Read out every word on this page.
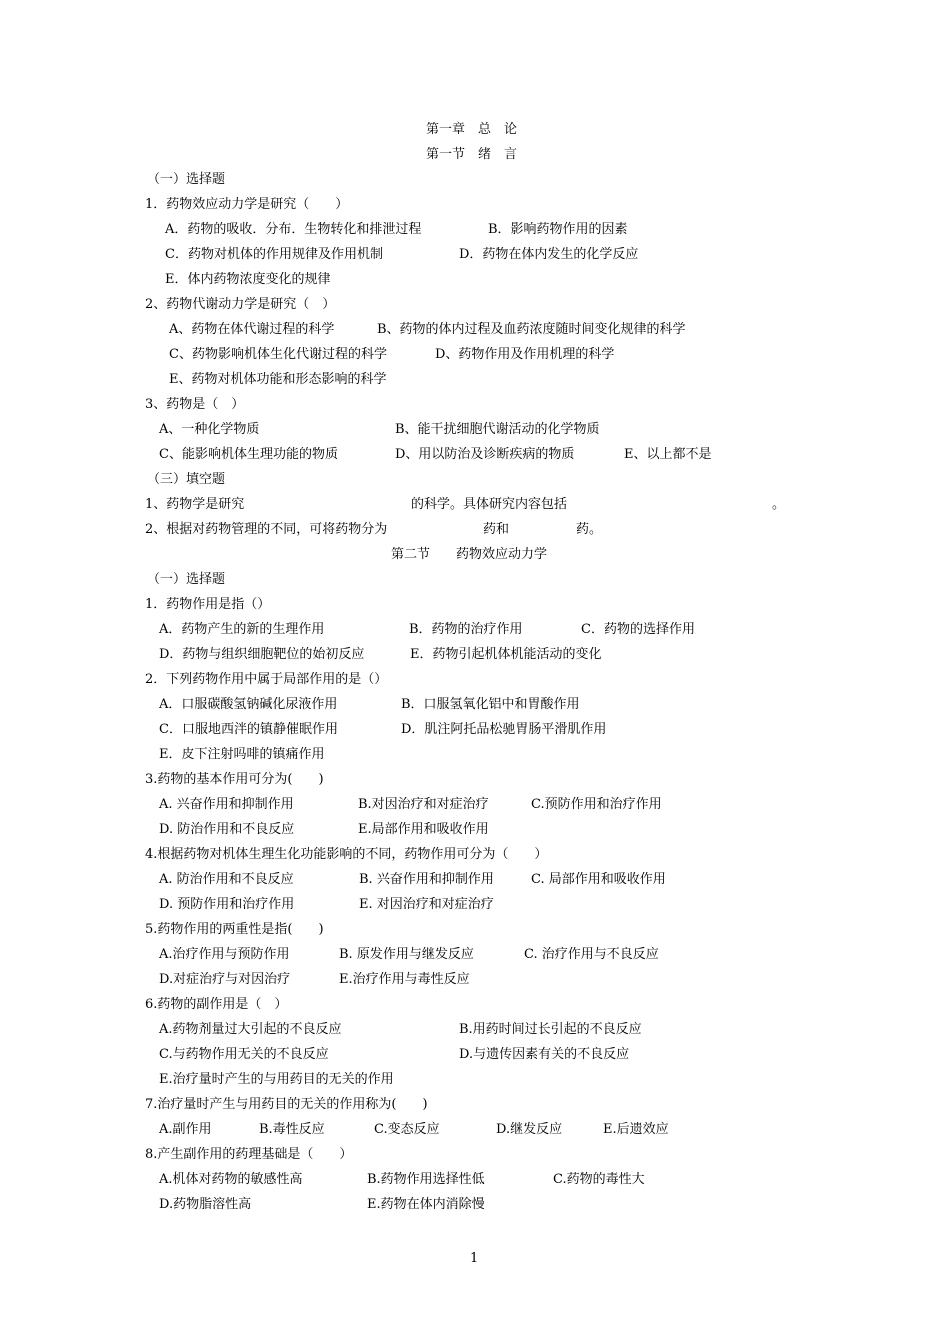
第一章　总　论
第一节　绪　言
（一）选择题
1．药物效应动力学是研究（　　）
A．药物的吸收．分布．生物转化和排泄过程	B．影响药物作用的因素
C．药物对机体的作用规律及作用机制	D．药物在体内发生的化学反应
E．体内药物浓度变化的规律
2、药物代谢动力学是研究（　）
A、药物在体代谢过程的科学	B、药物的体内过程及血药浓度随时间变化规律的科学
C、药物影响机体生化代谢过程的科学	D、药物作用及作用机理的科学
E、药物对机体功能和形态影响的科学
3、药物是（　）
A、一种化学物质	B、能干扰细胞代谢活动的化学物质
C、能影响机体生理功能的物质	D、用以防治及诊断疾病的物质	E、以上都不是
（三）填空题
1、药物学是研究	的科学。具体研究内容包括	。
2、根据对药物管理的不同，可将药物分为	药和	药。
第二节　　药物效应动力学
（一）选择题
1．药物作用是指（）
A．药物产生的新的生理作用	B．药物的治疗作用	C．药物的选择作用
D．药物与组织细胞靶位的始初反应	E．药物引起机体机能活动的变化
2．下列药物作用中属于局部作用的是（）
A．口服碳酸氢钠碱化尿液作用	B．口服氢氧化铝中和胃酸作用
C．口服地西泮的镇静催眠作用	D．肌注阿托品松驰胃肠平滑肌作用
E．皮下注射吗啡的镇痛作用
3.药物的基本作用可分为(　　)
A. 兴奋作用和抑制作用	B.对因治疗和对症治疗	C.预防作用和治疗作用
D. 防治作用和不良反应	E.局部作用和吸收作用
4.根据药物对机体生理生化功能影响的不同，药物作用可分为（　　）
A. 防治作用和不良反应	B. 兴奋作用和抑制作用	C. 局部作用和吸收作用
D. 预防作用和治疗作用	E. 对因治疗和对症治疗
5.药物作用的两重性是指(　　)
A.治疗作用与预防作用	B. 原发作用与继发反应	C. 治疗作用与不良反应
D.对症治疗与对因治疗	E.治疗作用与毒性反应
6.药物的副作用是（　）
A.药物剂量过大引起的不良反应	B.用药时间过长引起的不良反应
C.与药物作用无关的不良反应	D.与遗传因素有关的不良反应
E.治疗量时产生的与用药目的无关的作用
7.治疗量时产生与用药目的无关的作用称为(　　)
A.副作用	B.毒性反应	C.变态反应	D.继发反应	E.后遗效应
8.产生副作用的药理基础是（　　）
A.机体对药物的敏感性高	B.药物作用选择性低	C.药物的毒性大
D.药物脂溶性高	E.药物在体内消除慢
1
